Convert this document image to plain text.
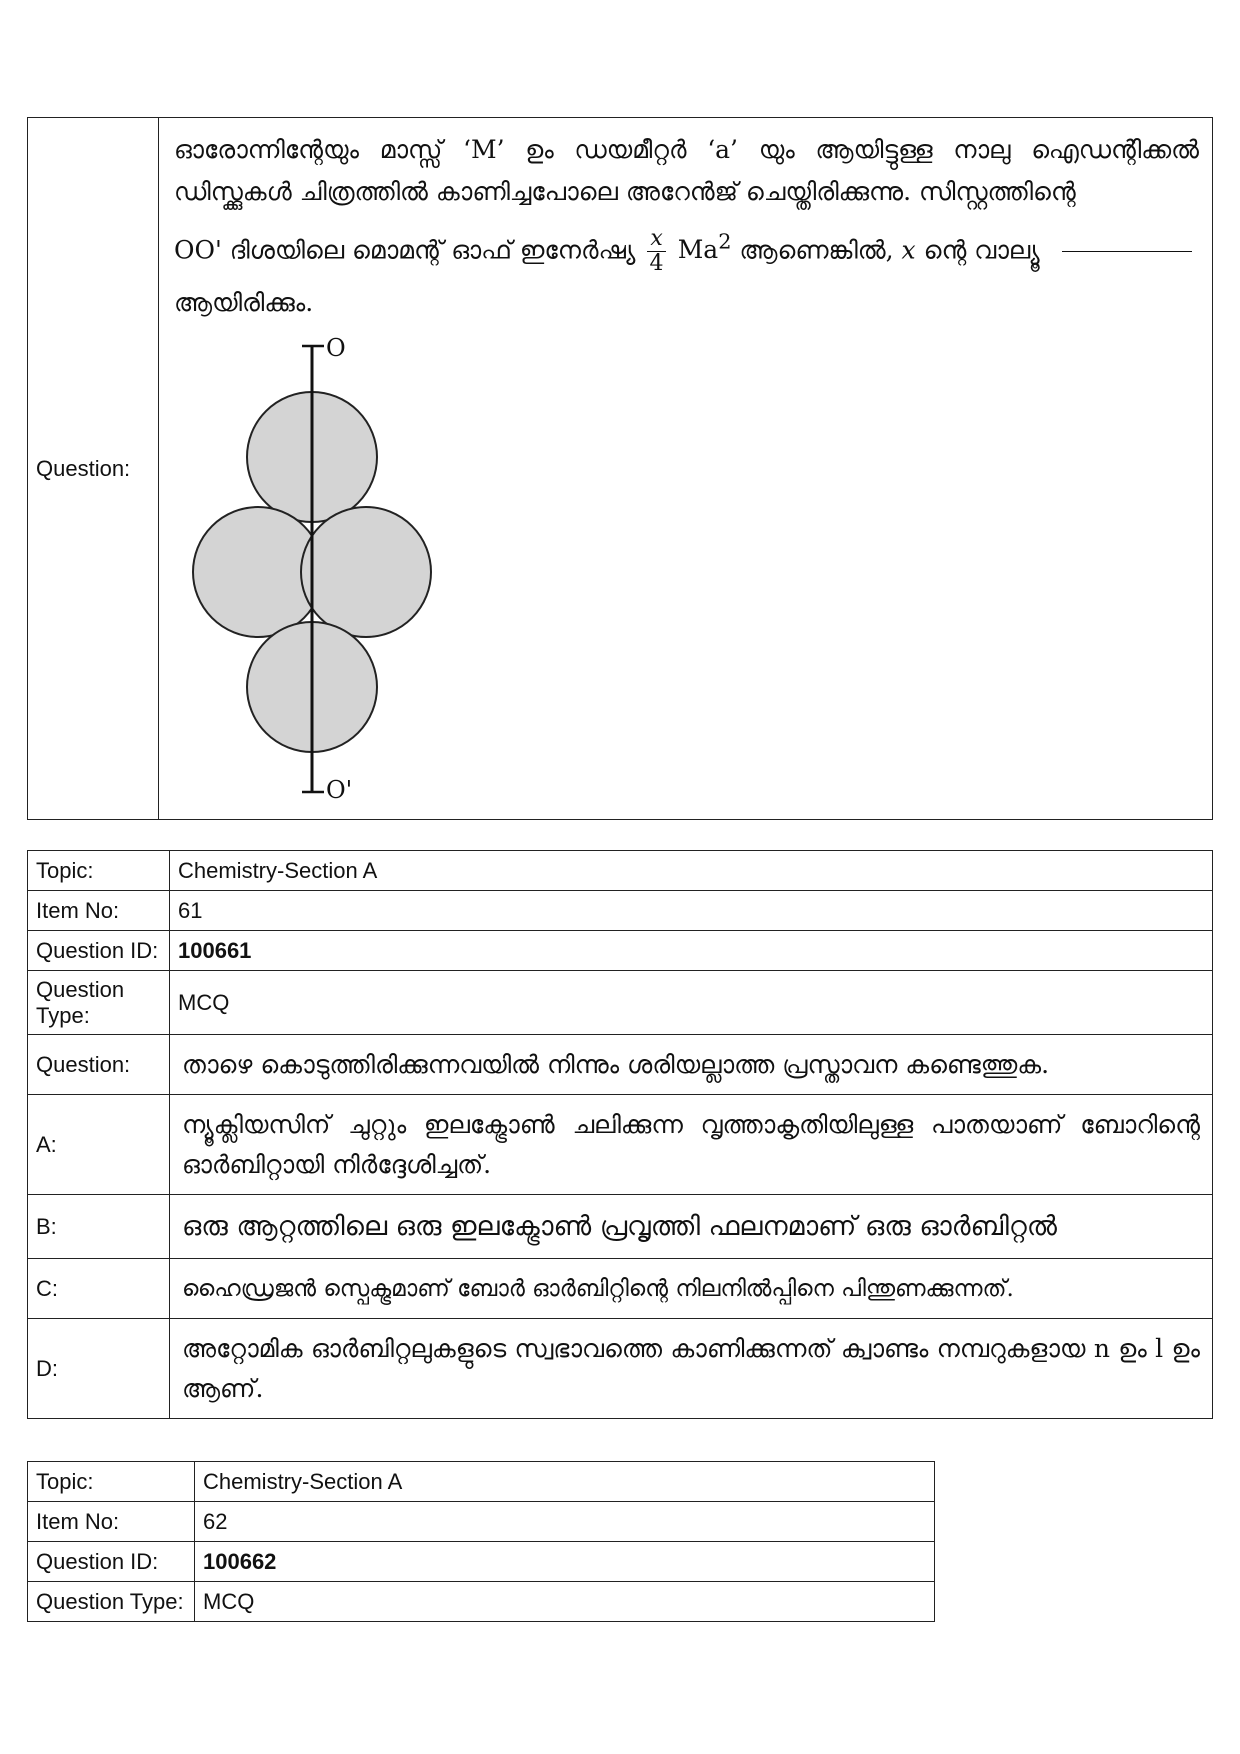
Question:	
ഓരോന്നിന്റേയും മാസ്സ് ‘M’ ഉം ഡയമീറ്റർ ‘a’ യും ആയിട്ടുള്ള നാലു ഐഡന്റിക്കൽ ഡിസ്ക്കുകൾ ചിത്രത്തിൽ കാണിച്ചപോലെ അറേൻജ് ചെയ്തിരിക്കുന്നു. സിസ്റ്റത്തിന്റെ
OO' ദിശയിലെ മൊമന്റ് ഓഫ് ഇനേർഷ്യ $\frac{x}{4} Ma^2$ ആണെങ്കിൽ, x ന്റെ വാല്യൂ
ആയിരിക്കും.
O
O'
Topic:	Chemistry-Section A
Item No:	61
Question ID:	100661
Question Type:	MCQ
Question:	താഴെ കൊടുത്തിരിക്കുന്നവയിൽ നിന്നും ശരിയല്ലാത്ത പ്രസ്താവന കണ്ടെത്തുക.
A:	ന്യൂക്ലിയസിന് ചുറ്റും ഇലക്ട്രോൺ ചലിക്കുന്ന വൃത്താകൃതിയിലുള്ള പാതയാണ് ബോറിന്റെ ഓർബിറ്റായി നിർദ്ദേശിച്ചത്.
B:	ഒരു ആറ്റത്തിലെ ഒരു ഇലക്ട്രോൺ പ്രവൃത്തി ഫലനമാണ് ഒരു ഓർബിറ്റൽ
C:	ഹൈഡ്രജൻ സ്പെക്ട്രമാണ് ബോർ ഓർബിറ്റിന്റെ നിലനിൽപ്പിനെ പിന്തുണക്കുന്നത്.
D:	അറ്റോമിക ഓർബിറ്റലുകളുടെ സ്വഭാവത്തെ കാണിക്കുന്നത് ക്വാണ്ടം നമ്പറുകളായ n ഉം l ഉം ആണ്.
Topic:	Chemistry-Section A
Item No:	62
Question ID:	100662
Question Type:	MCQ
